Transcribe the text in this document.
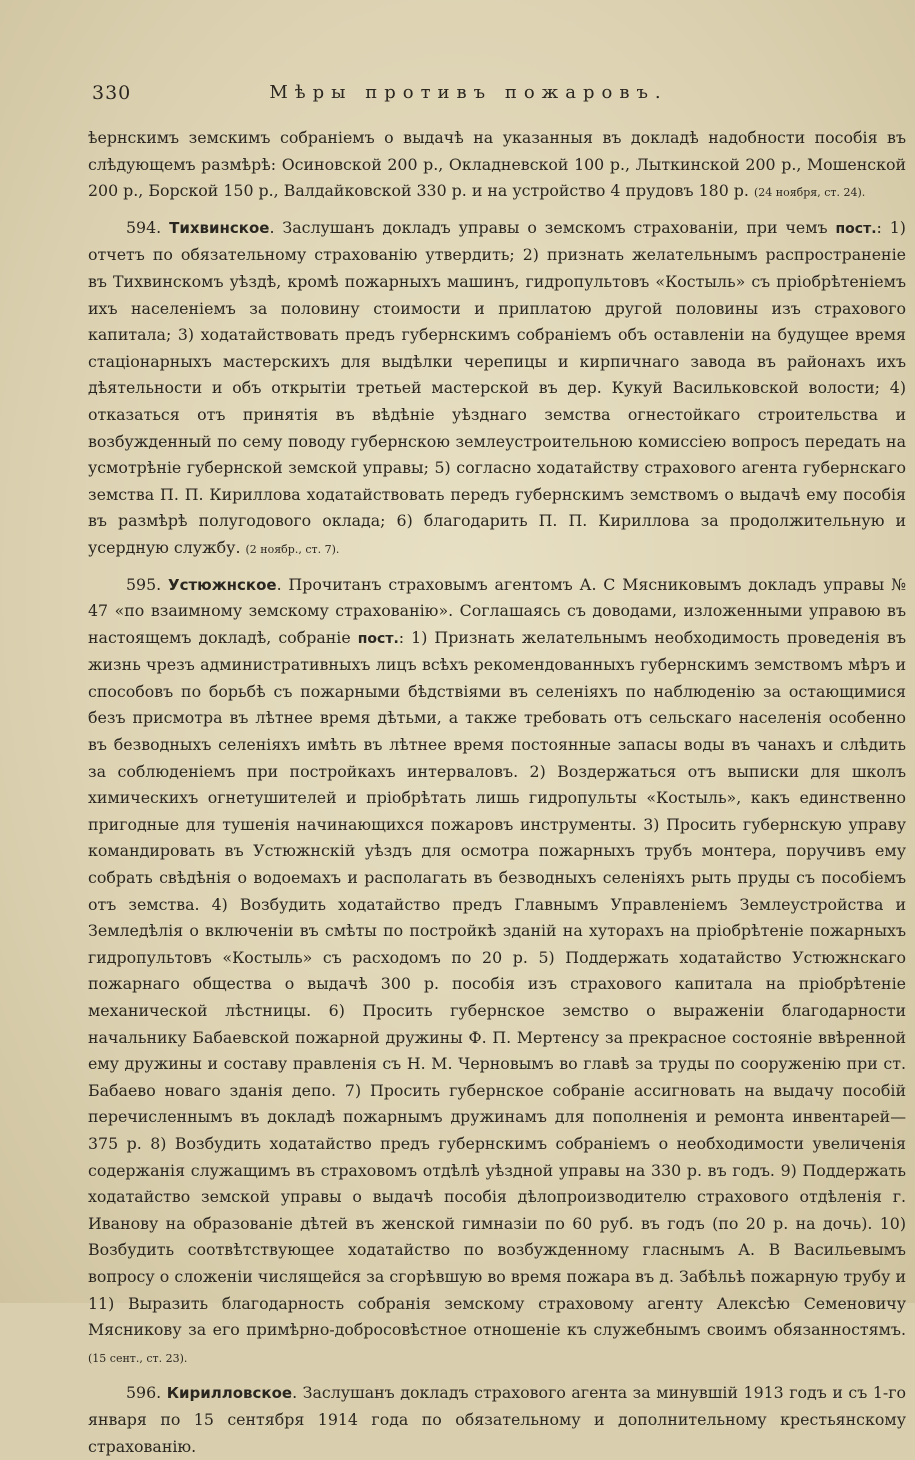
330	Мѣры противъ пожаровъ.

ѣернскимъ земскимъ собраніемъ о выдачѣ на указанныя въ докладѣ надобности пособія въ слѣдующемъ размѣрѣ: Осиновской 200 р., Окладневской 100 р., Лыткинской 200 р., Мошенской 200 р., Борской 150 р., Валдайковской 330 р. и на устройство 4 прудовъ 180 р. (24 ноября, ст. 24).

594. Тихвинское. Заслушанъ докладъ управы о земскомъ страхованіи, при чемъ пост.: 1) отчетъ по обязательному страхованію утвердить; 2) признать желательнымъ распространеніе въ Тихвинскомъ уѣздѣ, кромѣ пожарныхъ машинъ, гидропультовъ «Костыль» съ пріобрѣтеніемъ ихъ населеніемъ за половину стоимости и приплатою другой половины изъ страхового капитала; 3) ходатайствовать предъ губернскимъ собраніемъ объ оставленіи на будущее время стаціонарныхъ мастерскихъ для выдѣлки черепицы и кирпичнаго завода въ районахъ ихъ дѣятельности и объ открытіи третьей мастерской въ дер. Кукуй Васильковской волости; 4) отказаться отъ принятія въ вѣдѣніе уѣзднаго земства огнестойкаго строительства и возбужденный по сему поводу губернскою землеустроительною комиссіею вопросъ передать на усмотрѣніе губернской земской управы; 5) согласно ходатайству страхового агента губернскаго земства П. П. Кириллова ходатайствовать передъ губернскимъ земствомъ о выдачѣ ему пособія въ размѣрѣ полугодового оклада; 6) благодарить П. П. Кириллова за продолжительную и усердную службу. (2 ноябр., ст. 7).

595. Устюжнское. Прочитанъ страховымъ агентомъ А. С Мясниковымъ докладъ управы № 47 «по взаимному земскому страхованію». Соглашаясь съ доводами, изложенными управою въ настоящемъ докладѣ, собраніе пост.: 1) Признать желательнымъ необходимость проведенія въ жизнь чрезъ административныхъ лицъ всѣхъ рекомендованныхъ губернскимъ земствомъ мѣръ и способовъ по борьбѣ съ пожарными бѣдствіями въ селеніяхъ по наблюденію за остающимися безъ присмотра въ лѣтнее время дѣтьми, а также требовать отъ сельскаго населенія особенно въ безводныхъ селеніяхъ имѣть въ лѣтнее время постоянные запасы воды въ чанахъ и слѣдить за соблюденіемъ при постройкахъ интерваловъ. 2) Воздержаться отъ выписки для школъ химическихъ огнетушителей и пріобрѣтать лишь гидропульты «Костыль», какъ единственно пригодные для тушенія начинающихся пожаровъ инструменты. 3) Просить губернскую управу командировать въ Устюжнскій уѣздъ для осмотра пожарныхъ трубъ монтера, поручивъ ему собрать свѣдѣнія о водоемахъ и располагать въ безводныхъ селеніяхъ рыть пруды съ пособіемъ отъ земства. 4) Возбудить ходатайство предъ Главнымъ Управленіемъ Землеустройства и Земледѣлія о включеніи въ смѣты по постройкѣ зданій на хуторахъ на пріобрѣтеніе пожарныхъ гидропультовъ «Костыль» съ расходомъ по 20 р. 5) Поддержать ходатайство Устюжнскаго пожарнаго общества о выдачѣ 300 р. пособія изъ страхового капитала на пріобрѣтеніе механической лѣстницы. 6) Просить губернское земство о выраженіи благодарности начальнику Бабаевской пожарной дружины Ф. П. Мертенсу за прекрасное состояніе ввѣренной ему дружины и составу правленія съ Н. М. Черновымъ во главѣ за труды по сооруженію при ст. Бабаево новаго зданія депо. 7) Просить губернское собраніе ассигновать на выдачу пособій перечисленнымъ въ докладѣ пожарнымъ дружинамъ для пополненія и ремонта инвентарей—375 р. 8) Возбудить ходатайство предъ губернскимъ собраніемъ о необходимости увеличенія содержанія служащимъ въ страховомъ отдѣлѣ уѣздной управы на 330 р. въ годъ. 9) Поддержать ходатайство земской управы о выдачѣ пособія дѣлопроизводителю страхового отдѣленія г. Иванову на образованіе дѣтей въ женской гимназіи по 60 руб. въ годъ (по 20 р. на дочь). 10) Возбудить соотвѣтствующее ходатайство по возбужденному гласнымъ А. В Васильевымъ вопросу о сложеніи числящейся за сгорѣвшую во время пожара въ д. Забѣльѣ пожарную трубу и 11) Выразить благодарность собранія земскому страховому агенту Алексѣю Семеновичу Мясникову за его примѣрно-добросовѣстное отношеніе къ служебнымъ своимъ обязанностямъ. (15 сент., ст. 23).

596. Кирилловское. Заслушанъ докладъ страхового агента за минувшій 1913 годъ и съ 1-го января по 15 сентября 1914 года по обязательному и дополнительному крестьянскому страхованію.
